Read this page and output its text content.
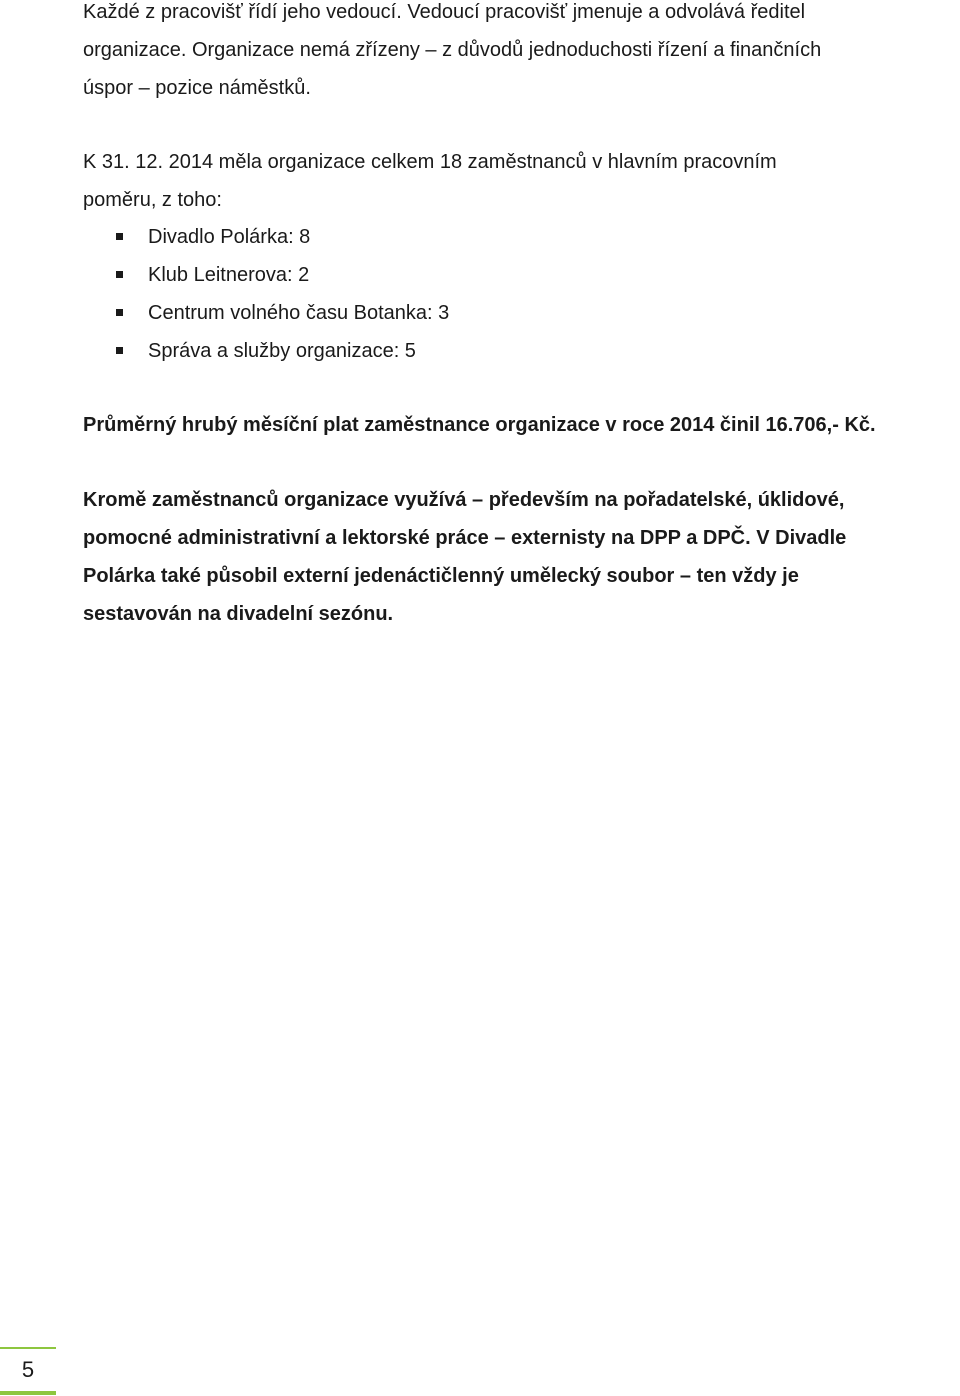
Každé z pracovišť řídí jeho vedoucí. Vedoucí pracovišť jmenuje a odvolává ředitel
organizace. Organizace nemá zřízeny – z důvodů jednoduchosti řízení a finančních
úspor – pozice náměstků.

K 31. 12. 2014 měla organizace celkem 18 zaměstnanců v hlavním pracovním
poměru, z toho:

Divadlo Polárka: 8
Klub Leitnerova: 2
Centrum volného času Botanka: 3
Správa a služby organizace: 5

Průměrný hrubý měsíční plat zaměstnance organizace v roce 2014 činil 16.706,- Kč.

Kromě zaměstnanců organizace využívá – především na pořadatelské, úklidové,
pomocné administrativní a lektorské práce – externisty na DPP a DPČ. V Divadle
Polárka také působil externí jedenáctičlenný umělecký soubor – ten vždy je
sestavován na divadelní sezónu.

5
